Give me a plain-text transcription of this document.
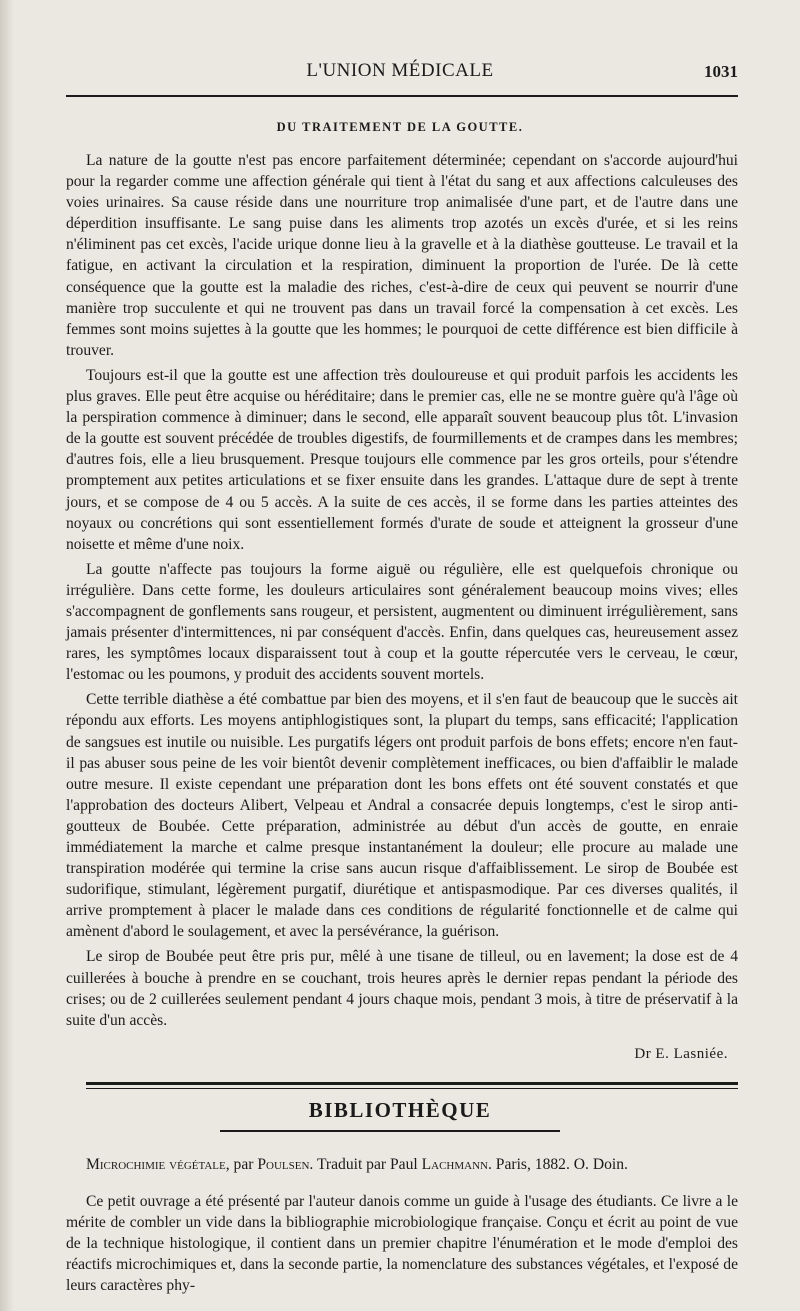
L'UNION MÉDICALE	1031
DU TRAITEMENT DE LA GOUTTE.

La nature de la goutte n'est pas encore parfaitement déterminée; cependant on s'accorde aujourd'hui pour la regarder comme une affection générale qui tient à l'état du sang et aux affections calculeuses des voies urinaires. Sa cause réside dans une nourriture trop animalisée d'une part, et de l'autre dans une déperdition insuffisante. Le sang puise dans les aliments trop azotés un excès d'urée, et si les reins n'éliminent pas cet excès, l'acide urique donne lieu à la gravelle et à la diathèse goutteuse. Le travail et la fatigue, en activant la circulation et la respiration, diminuent la proportion de l'urée. De là cette conséquence que la goutte est la maladie des riches, c'est-à-dire de ceux qui peuvent se nourrir d'une manière trop succulente et qui ne trouvent pas dans un travail forcé la compensation à cet excès. Les femmes sont moins sujettes à la goutte que les hommes; le pourquoi de cette différence est bien difficile à trouver.

Toujours est-il que la goutte est une affection très douloureuse et qui produit parfois les accidents les plus graves. Elle peut être acquise ou héréditaire; dans le premier cas, elle ne se montre guère qu'à l'âge où la perspiration commence à diminuer; dans le second, elle apparaît souvent beaucoup plus tôt. L'invasion de la goutte est souvent précédée de troubles digestifs, de fourmillements et de crampes dans les membres; d'autres fois, elle a lieu brusquement. Presque toujours elle commence par les gros orteils, pour s'étendre promptement aux petites articulations et se fixer ensuite dans les grandes. L'attaque dure de sept à trente jours, et se compose de 4 ou 5 accès. A la suite de ces accès, il se forme dans les parties atteintes des noyaux ou concrétions qui sont essentiellement formés d'urate de soude et atteignent la grosseur d'une noisette et même d'une noix.

La goutte n'affecte pas toujours la forme aiguë ou régulière, elle est quelquefois chronique ou irrégulière. Dans cette forme, les douleurs articulaires sont généralement beaucoup moins vives; elles s'accompagnent de gonflements sans rougeur, et persistent, augmentent ou diminuent irrégulièrement, sans jamais présenter d'intermittences, ni par conséquent d'accès. Enfin, dans quelques cas, heureusement assez rares, les symptômes locaux disparaissent tout à coup et la goutte répercutée vers le cerveau, le cœur, l'estomac ou les poumons, y produit des accidents souvent mortels.

Cette terrible diathèse a été combattue par bien des moyens, et il s'en faut de beaucoup que le succès ait répondu aux efforts. Les moyens antiphlogistiques sont, la plupart du temps, sans efficacité; l'application de sangsues est inutile ou nuisible. Les purgatifs légers ont produit parfois de bons effets; encore n'en faut-il pas abuser sous peine de les voir bientôt devenir complètement inefficaces, ou bien d'affaiblir le malade outre mesure. Il existe cependant une préparation dont les bons effets ont été souvent constatés et que l'approbation des docteurs Alibert, Velpeau et Andral a consacrée depuis longtemps, c'est le sirop anti-goutteux de Boubée. Cette préparation, administrée au début d'un accès de goutte, en enraie immédiatement la marche et calme presque instantanément la douleur; elle procure au malade une transpiration modérée qui termine la crise sans aucun risque d'affaiblissement. Le sirop de Boubée est sudorifique, stimulant, légèrement purgatif, diurétique et antispasmodique. Par ces diverses qualités, il arrive promptement à placer le malade dans ces conditions de régularité fonctionnelle et de calme qui amènent d'abord le soulagement, et avec la persévérance, la guérison.

Le sirop de Boubée peut être pris pur, mêlé à une tisane de tilleul, ou en lavement; la dose est de 4 cuillerées à bouche à prendre en se couchant, trois heures après le dernier repas pendant la période des crises; ou de 2 cuillerées seulement pendant 4 jours chaque mois, pendant 3 mois, à titre de préservatif à la suite d'un accès.

Dr E. Lasniée.
BIBLIOTHÈQUE
Microchimie végétale, par Poulsen. Traduit par Paul Lachmann. Paris, 1882. O. Doin.

Ce petit ouvrage a été présenté par l'auteur danois comme un guide à l'usage des étudiants. Ce livre a le mérite de combler un vide dans la bibliographie microbiologique française. Conçu et écrit au point de vue de la technique histologique, il contient dans un premier chapitre l'énumération et le mode d'emploi des réactifs microchimiques et, dans la seconde partie, la nomenclature des substances végétales, et l'exposé de leurs caractères phy-
